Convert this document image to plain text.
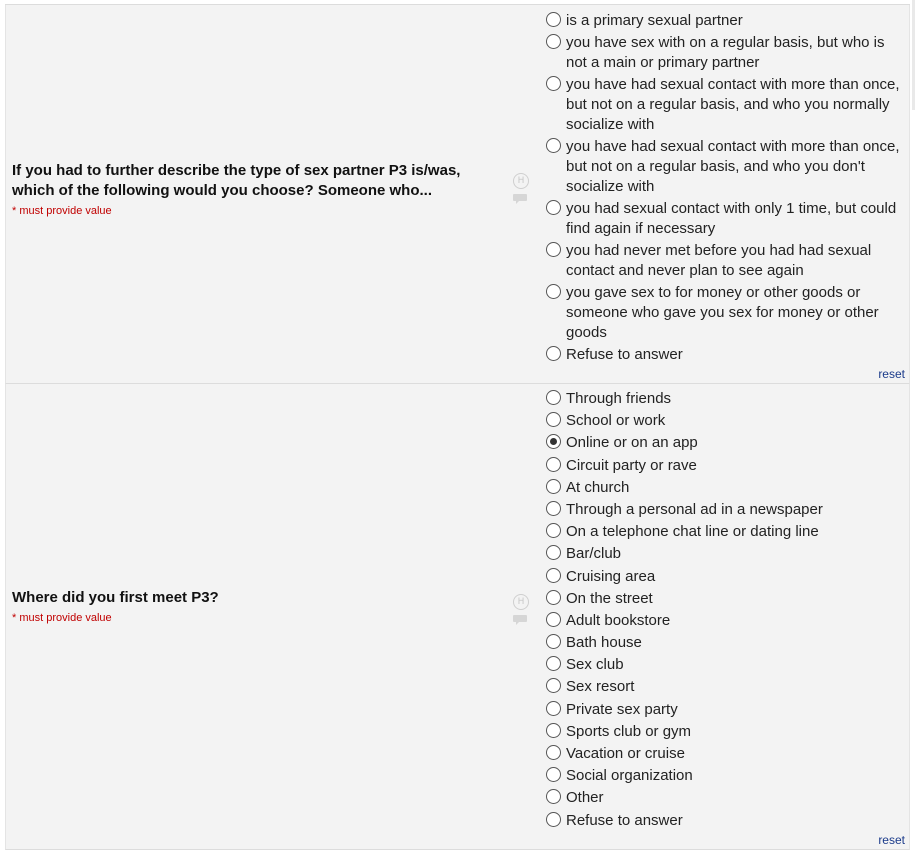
If you had to further describe the type of sex partner P3 is/was, which of the following would you choose? Someone who...
* must provide value
H
is a primary sexual partner
you have sex with on a regular basis, but who is not a main or primary partner
you have had sexual contact with more than once, but not on a regular basis, and who you normally socialize with
you have had sexual contact with more than once, but not on a regular basis, and who you don't socialize with
you had sexual contact with only 1 time, but could find again if necessary
you had never met before you had had sexual contact and never plan to see again
you gave sex to for money or other goods or someone who gave you sex for money or other goods
Refuse to answer
reset
Where did you first meet P3?
* must provide value
H
Through friends
School or work
Online or on an app
Circuit party or rave
At church
Through a personal ad in a newspaper
On a telephone chat line or dating line
Bar/club
Cruising area
On the street
Adult bookstore
Bath house
Sex club
Sex resort
Private sex party
Sports club or gym
Vacation or cruise
Social organization
Other
Refuse to answer
reset
